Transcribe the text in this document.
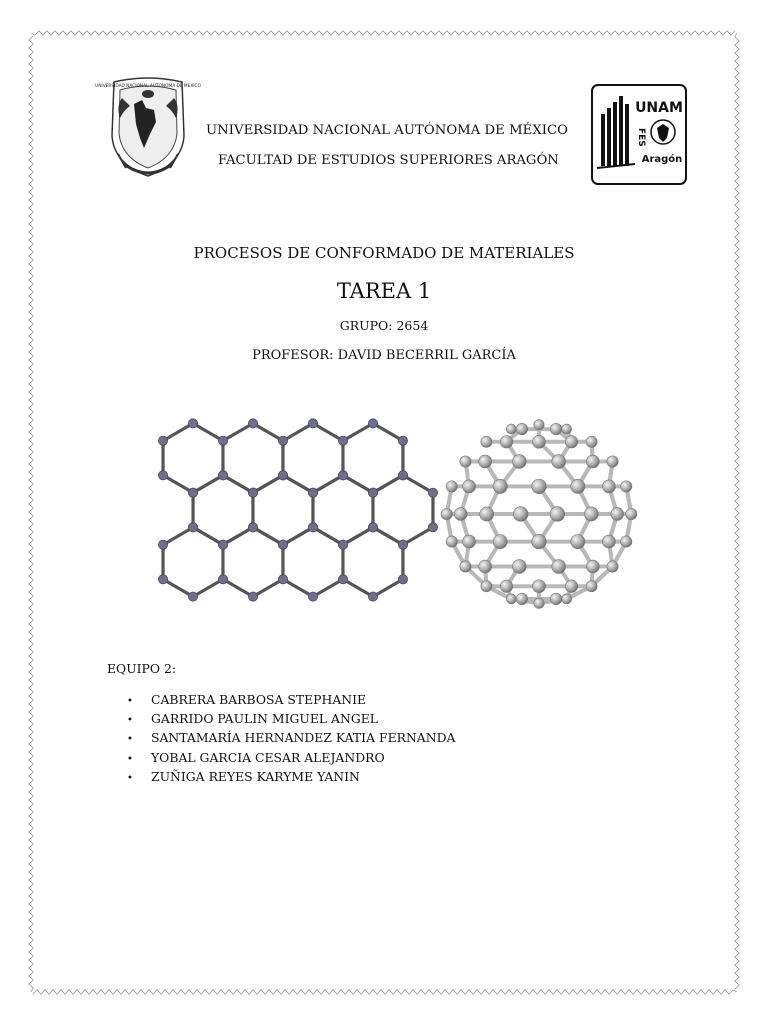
UNIVERSIDAD NACIONAL AUTONOMA DE MEXICO
UNIVERSIDAD NACIONAL AUTÓNOMA DE MÉXICO
FACULTAD DE ESTUDIOS SUPERIORES ARAGÓN
UNAM
FES
Aragón
PROCESOS DE CONFORMADO DE MATERIALES
TAREA 1
GRUPO: 2654
PROFESOR: DAVID BECERRIL GARCÍA
EQUIPO 2:
• CABRERA BARBOSA STEPHANIE
• GARRIDO PAULIN MIGUEL ANGEL
• SANTAMARÍA HERNANDEZ KATIA FERNANDA
• YOBAL GARCIA CESAR ALEJANDRO
• ZUÑIGA REYES KARYME YANIN
